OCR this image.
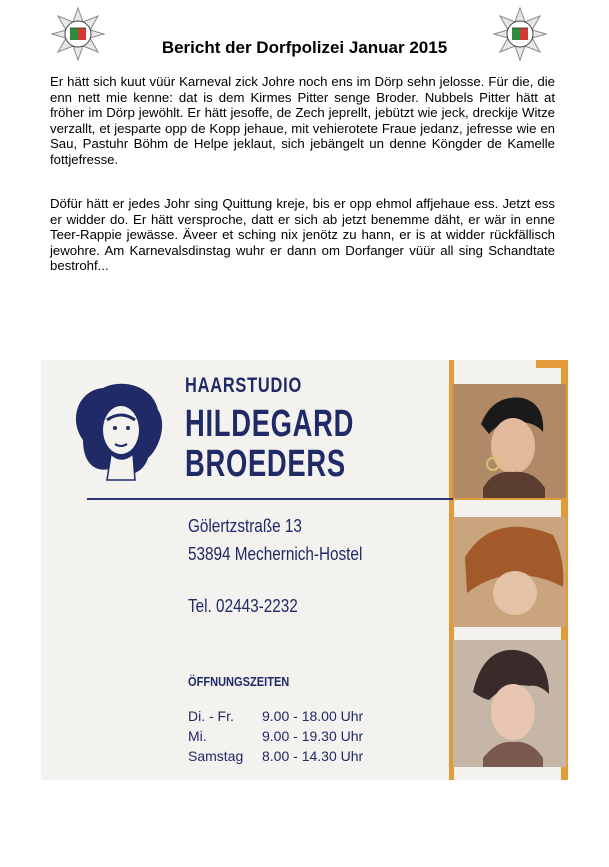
Bericht der Dorfpolizei Januar 2015
Er hätt sich kuut vüür Karneval zick Johre noch ens im Dörp sehn jelosse. Für die, die enn nett mie kenne: dat is dem Kirmes Pitter senge Broder. Nubbels Pitter hätt at fröher im Dörp jewöhlt. Er hätt jesoffe, de Zech jeprellt, jebützt wie jeck, dreckije Witze verzallt, et jesparte opp de Kopp jehaue, mit vehierotete Fraue jedanz, jefresse wie en Sau, Pastuhr Böhm de Helpe jeklaut, sich jebängelt un denne Köngder de Kamelle fottjefresse.
Döfür hätt er jedes Johr sing Quittung kreje, bis er opp ehmol affjehaue ess. Jetzt ess er widder do. Er hätt versproche, datt er sich ab jetzt benemme däht, er wär in enne Teer-Rappie jewässe. Äveer et sching nix jenötz zu hann, er is at widder rückfällisch jewohre. Am Karnevalsdinstag wuhr er dann om Dorfanger vüür all sing Schandtate bestrohf...
HAARSTUDIO
HILDEGARD
BROEDERS
Gölertzstraße 13
53894 Mechernich-Hostel
Tel. 02443-2232
ÖFFNUNGSZEITEN
Di. - Fr.	9.00 - 18.00 Uhr
Mi.	9.00 - 19.30 Uhr
Samstag	8.00 - 14.30 Uhr
